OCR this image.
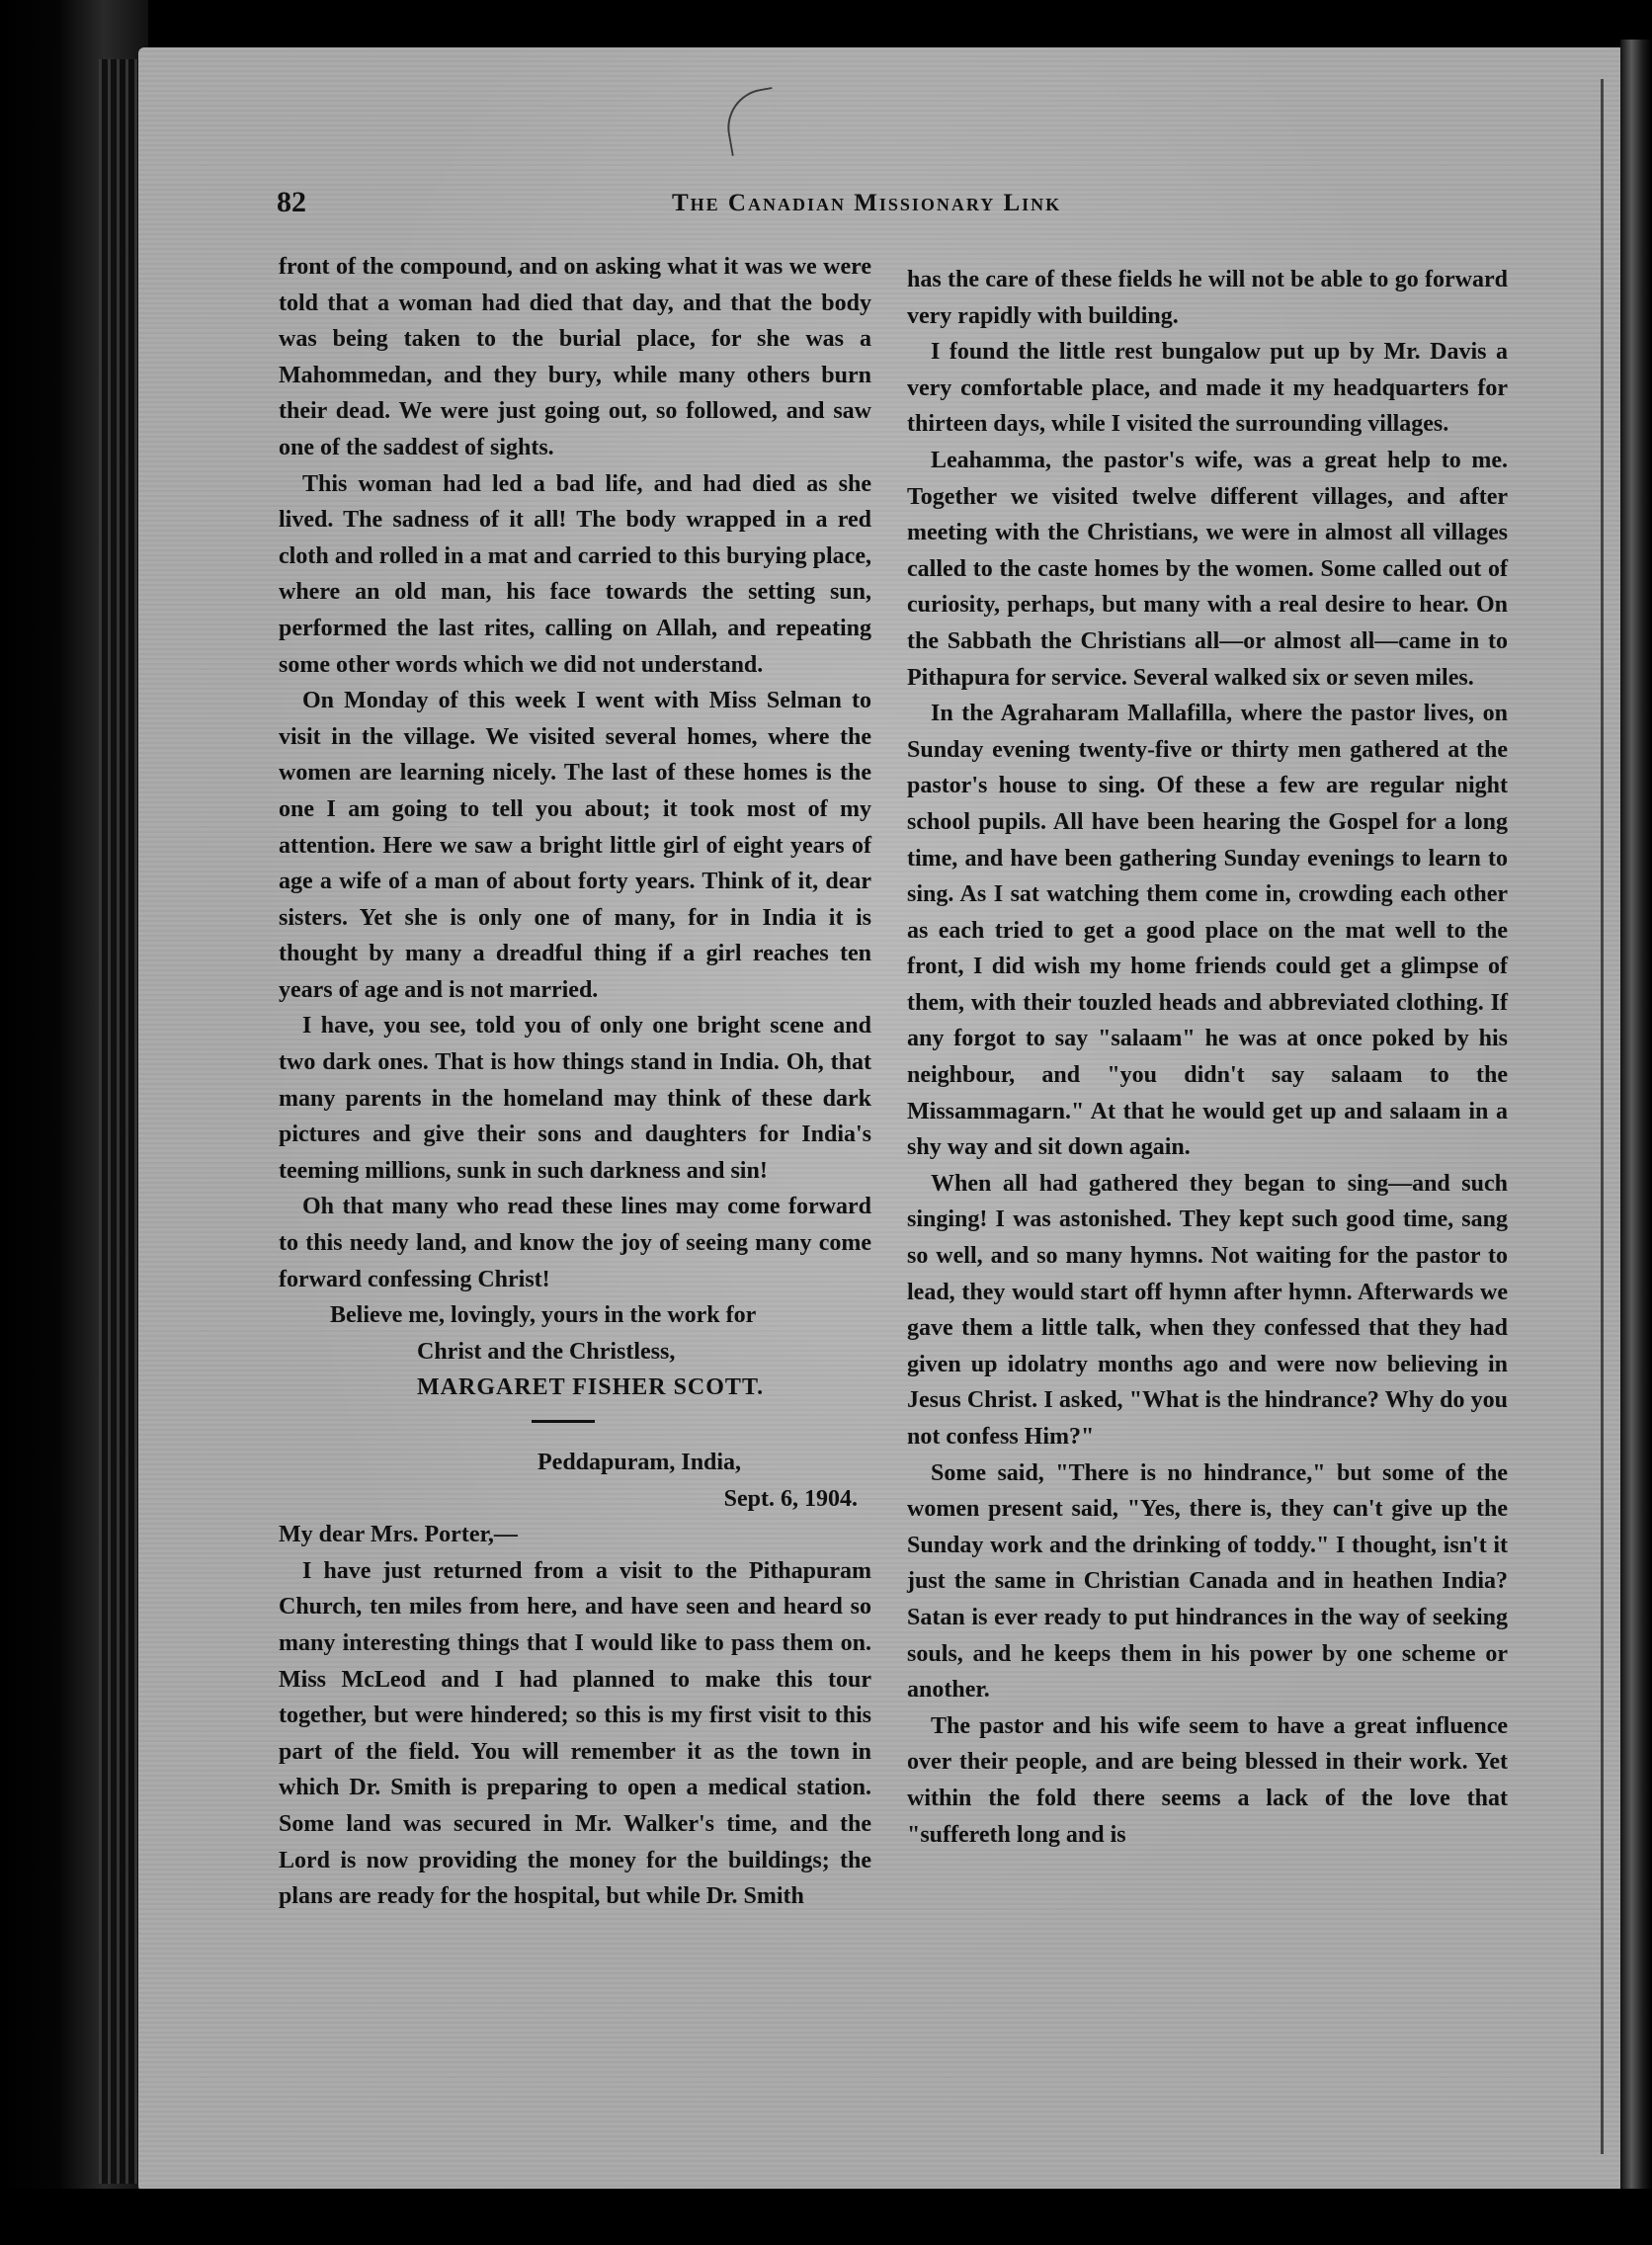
82	The Canadian Missionary Link

front of the compound, and on asking what it was we were told that a woman had died that day, and that the body was being taken to the burial place, for she was a Mahommedan, and they bury, while many others burn their dead. We were just going out, so followed, and saw one of the saddest of sights.

This woman had led a bad life, and had died as she lived. The sadness of it all! The body wrapped in a red cloth and rolled in a mat and carried to this burying place, where an old man, his face towards the setting sun, performed the last rites, calling on Allah, and repeating some other words which we did not understand.

On Monday of this week I went with Miss Selman to visit in the village. We visited several homes, where the women are learning nicely. The last of these homes is the one I am going to tell you about; it took most of my attention. Here we saw a bright little girl of eight years of age a wife of a man of about forty years. Think of it, dear sisters. Yet she is only one of many, for in India it is thought by many a dreadful thing if a girl reaches ten years of age and is not married.

I have, you see, told you of only one bright scene and two dark ones. That is how things stand in India. Oh, that many parents in the homeland may think of these dark pictures and give their sons and daughters for India's teeming millions, sunk in such darkness and sin!

Oh that many who read these lines may come forward to this needy land, and know the joy of seeing many come forward confessing Christ!

Believe me, lovingly, yours in the work for

Christ and the Christless,

MARGARET FISHER SCOTT.

Peddapuram, India,

Sept. 6, 1904.

My dear Mrs. Porter,—

I have just returned from a visit to the Pithapuram Church, ten miles from here, and have seen and heard so many interesting things that I would like to pass them on. Miss McLeod and I had planned to make this tour together, but were hindered; so this is my first visit to this part of the field. You will remember it as the town in which Dr. Smith is preparing to open a medical station. Some land was secured in Mr. Walker's time, and the Lord is now providing the money for the buildings; the plans are ready for the hospital, but while Dr. Smith

has the care of these fields he will not be able to go forward very rapidly with building.

I found the little rest bungalow put up by Mr. Davis a very comfortable place, and made it my headquarters for thirteen days, while I visited the surrounding villages.

Leahamma, the pastor's wife, was a great help to me. Together we visited twelve different villages, and after meeting with the Christians, we were in almost all villages called to the caste homes by the women. Some called out of curiosity, perhaps, but many with a real desire to hear. On the Sabbath the Christians all—or almost all—came in to Pithapura for service. Several walked six or seven miles.

In the Agraharam Mallafilla, where the pastor lives, on Sunday evening twenty-five or thirty men gathered at the pastor's house to sing. Of these a few are regular night school pupils. All have been hearing the Gospel for a long time, and have been gathering Sunday evenings to learn to sing. As I sat watching them come in, crowding each other as each tried to get a good place on the mat well to the front, I did wish my home friends could get a glimpse of them, with their touzled heads and abbreviated clothing. If any forgot to say "salaam" he was at once poked by his neighbour, and "you didn't say salaam to the Missammagarn." At that he would get up and salaam in a shy way and sit down again.

When all had gathered they began to sing—and such singing! I was astonished. They kept such good time, sang so well, and so many hymns. Not waiting for the pastor to lead, they would start off hymn after hymn. Afterwards we gave them a little talk, when they confessed that they had given up idolatry months ago and were now believing in Jesus Christ. I asked, "What is the hindrance? Why do you not confess Him?"

Some said, "There is no hindrance," but some of the women present said, "Yes, there is, they can't give up the Sunday work and the drinking of toddy." I thought, isn't it just the same in Christian Canada and in heathen India? Satan is ever ready to put hindrances in the way of seeking souls, and he keeps them in his power by one scheme or another.

The pastor and his wife seem to have a great influence over their people, and are being blessed in their work. Yet within the fold there seems a lack of the love that "suffereth long and is
